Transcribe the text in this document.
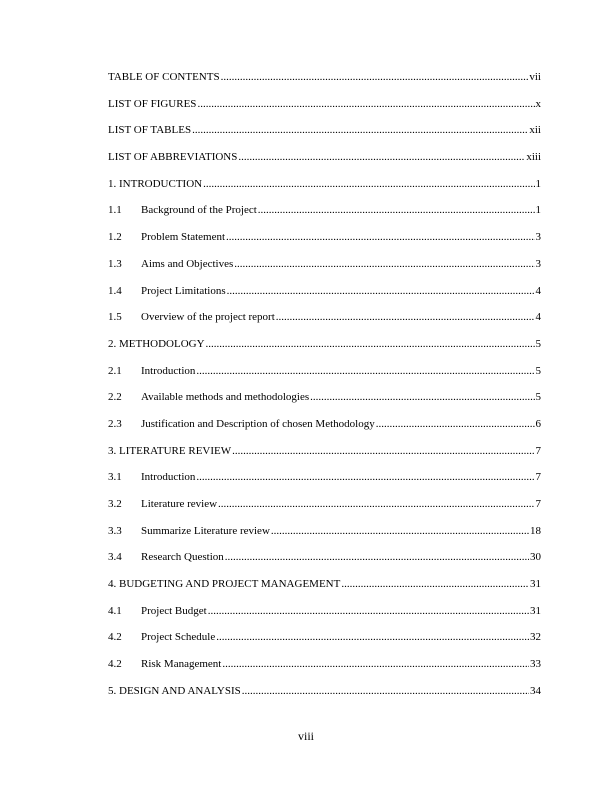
TABLE OF CONTENTS .....	vii
LIST OF FIGURES .....	x
LIST OF TABLES .....	xii
LIST OF ABBREVIATIONS .....	xiii
1. INTRODUCTION .....	1
1.1	Background of the Project .....	1
1.2	Problem Statement .....	3
1.3	Aims and Objectives .....	3
1.4	Project Limitations .....	4
1.5	Overview of the project report .....	4
2. METHODOLOGY .....	5
2.1	Introduction .....	5
2.2	Available methods and methodologies .....	5
2.3	Justification and Description of chosen Methodology .....	6
3. LITERATURE REVIEW .....	7
3.1	Introduction .....	7
3.2	Literature review .....	7
3.3	Summarize Literature review .....	18
3.4	Research Question .....	30
4. BUDGETING AND PROJECT MANAGEMENT .....	31
4.1	Project Budget .....	31
4.2	Project Schedule .....	32
4.2	Risk Management .....	33
5. DESIGN AND ANALYSIS .....	34
viii
